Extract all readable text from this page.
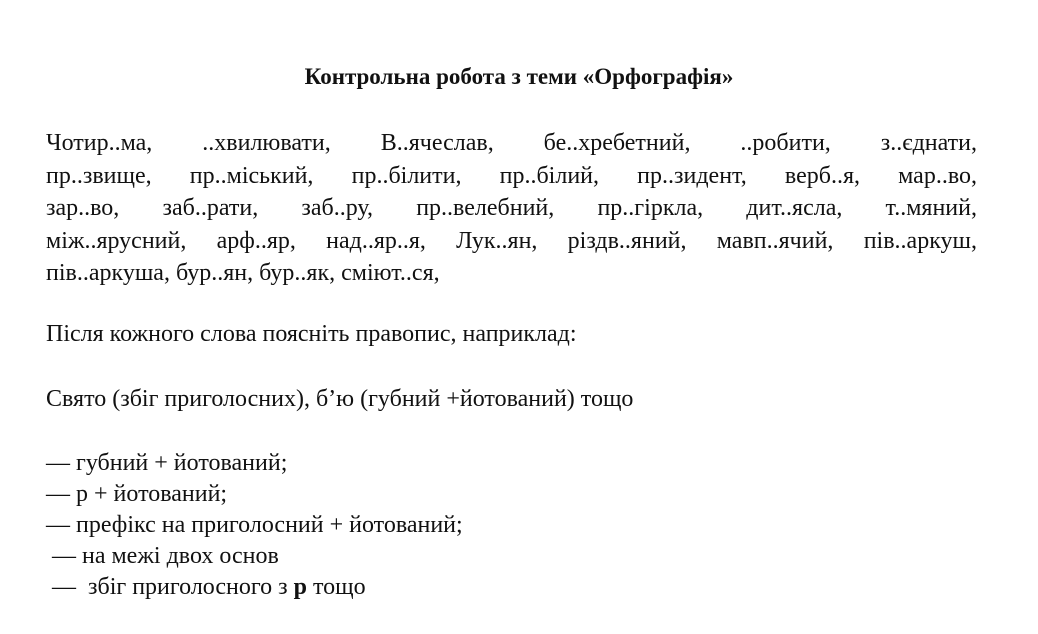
Контрольна робота з теми «Орфографія»
Чотир..ма, ..хвилювати, В..ячеслав, бе..хребетний, ..робити, з..єднати,
пр..звище, пр..міський, пр..білити, пр..білий, пр..зидент, верб..я, мар..во,
зар..во, заб..рати, заб..ру, пр..велебний, пр..гіркла, дит..ясла, т..мяний,
між..ярусний, арф..яр, над..яр..я, Лук..ян, різдв..яний, мавп..ячий, пів..аркуш,
пів..аркуша, бур..ян, бур..як, сміют..ся,

Після кожного слова поясніть правопис, наприклад:

Свято (збіг приголосних), б’ю (губний +йотований) тощо

— губний + йотований;
— р + йотований;
— префікс на приголосний + йотований;
— на межі двох основ
—  збіг приголосного з р тощо
